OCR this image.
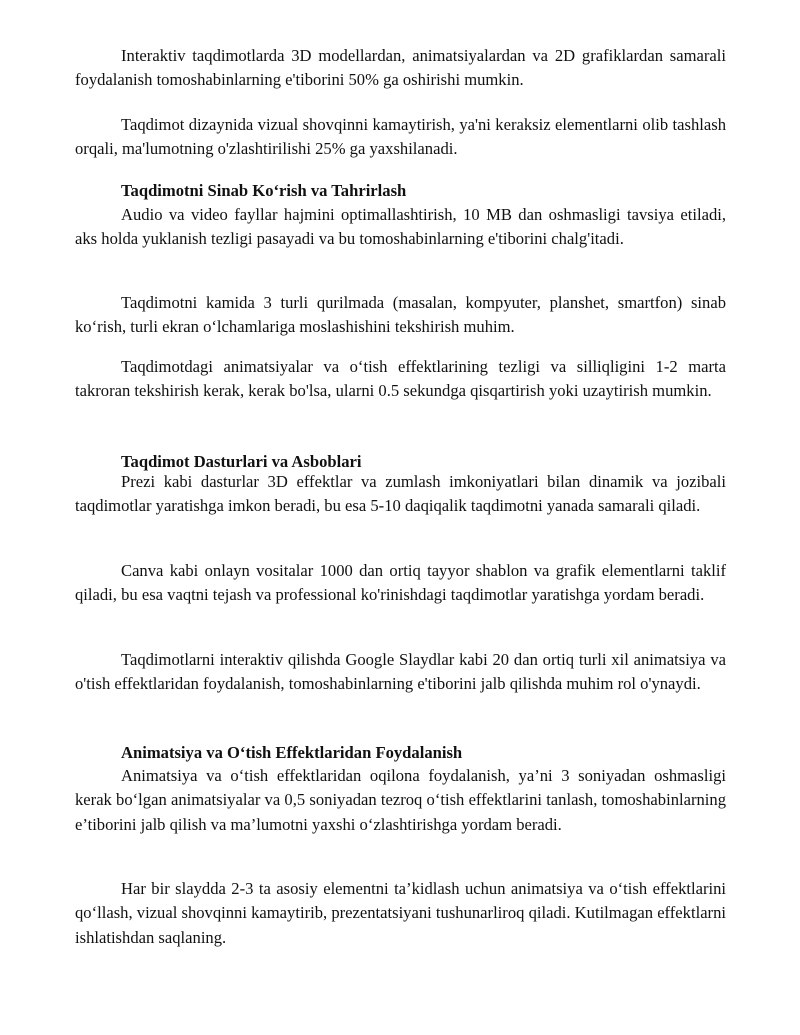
Interaktiv taqdimotlarda 3D modellardan, animatsiyalardan va 2D grafiklardan samarali foydalanish tomoshabinlarning e'tiborini 50% ga oshirishi mumkin.

Taqdimot dizaynida vizual shovqinni kamaytirish, ya'ni keraksiz elementlarni olib tashlash orqali, ma'lumotning o'zlashtirilishi 25% ga yaxshilanadi.

Taqdimotni Sinab Ko‘rish va Tahrirlash

Audio va video fayllar hajmini optimallashtirish, 10 MB dan oshmasligi tavsiya etiladi, aks holda yuklanish tezligi pasayadi va bu tomoshabinlarning e'tiborini chalg'itadi.

Taqdimotni kamida 3 turli qurilmada (masalan, kompyuter, planshet, smartfon) sinab ko‘rish, turli ekran o‘lchamlariga moslashishini tekshirish muhim.

Taqdimotdagi animatsiyalar va o‘tish effektlarining tezligi va silliqligini 1-2 marta takroran tekshirish kerak, kerak bo'lsa, ularni 0.5 sekundga qisqartirish yoki uzaytirish mumkin.

Taqdimot Dasturlari va Asboblari

Prezi kabi dasturlar 3D effektlar va zumlash imkoniyatlari bilan dinamik va jozibali taqdimotlar yaratishga imkon beradi, bu esa 5-10 daqiqalik taqdimotni yanada samarali qiladi.

Canva kabi onlayn vositalar 1000 dan ortiq tayyor shablon va grafik elementlarni taklif qiladi, bu esa vaqtni tejash va professional ko'rinishdagi taqdimotlar yaratishga yordam beradi.

Taqdimotlarni interaktiv qilishda Google Slaydlar kabi 20 dan ortiq turli xil animatsiya va o'tish effektlaridan foydalanish, tomoshabinlarning e'tiborini jalb qilishda muhim rol o'ynaydi.

Animatsiya va O‘tish Effektlaridan Foydalanish

Animatsiya va o‘tish effektlaridan oqilona foydalanish, ya’ni 3 soniyadan oshmasligi kerak bo‘lgan animatsiyalar va 0,5 soniyadan tezroq o‘tish effektlarini tanlash, tomoshabinlarning e’tiborini jalb qilish va ma’lumotni yaxshi o‘zlashtirishga yordam beradi.

Har bir slaydda 2-3 ta asosiy elementni ta’kidlash uchun animatsiya va o‘tish effektlarini qo‘llash, vizual shovqinni kamaytirib, prezentatsiyani tushunarliroq qiladi. Kutilmagan effektlarni ishlatishdan saqlaning.
